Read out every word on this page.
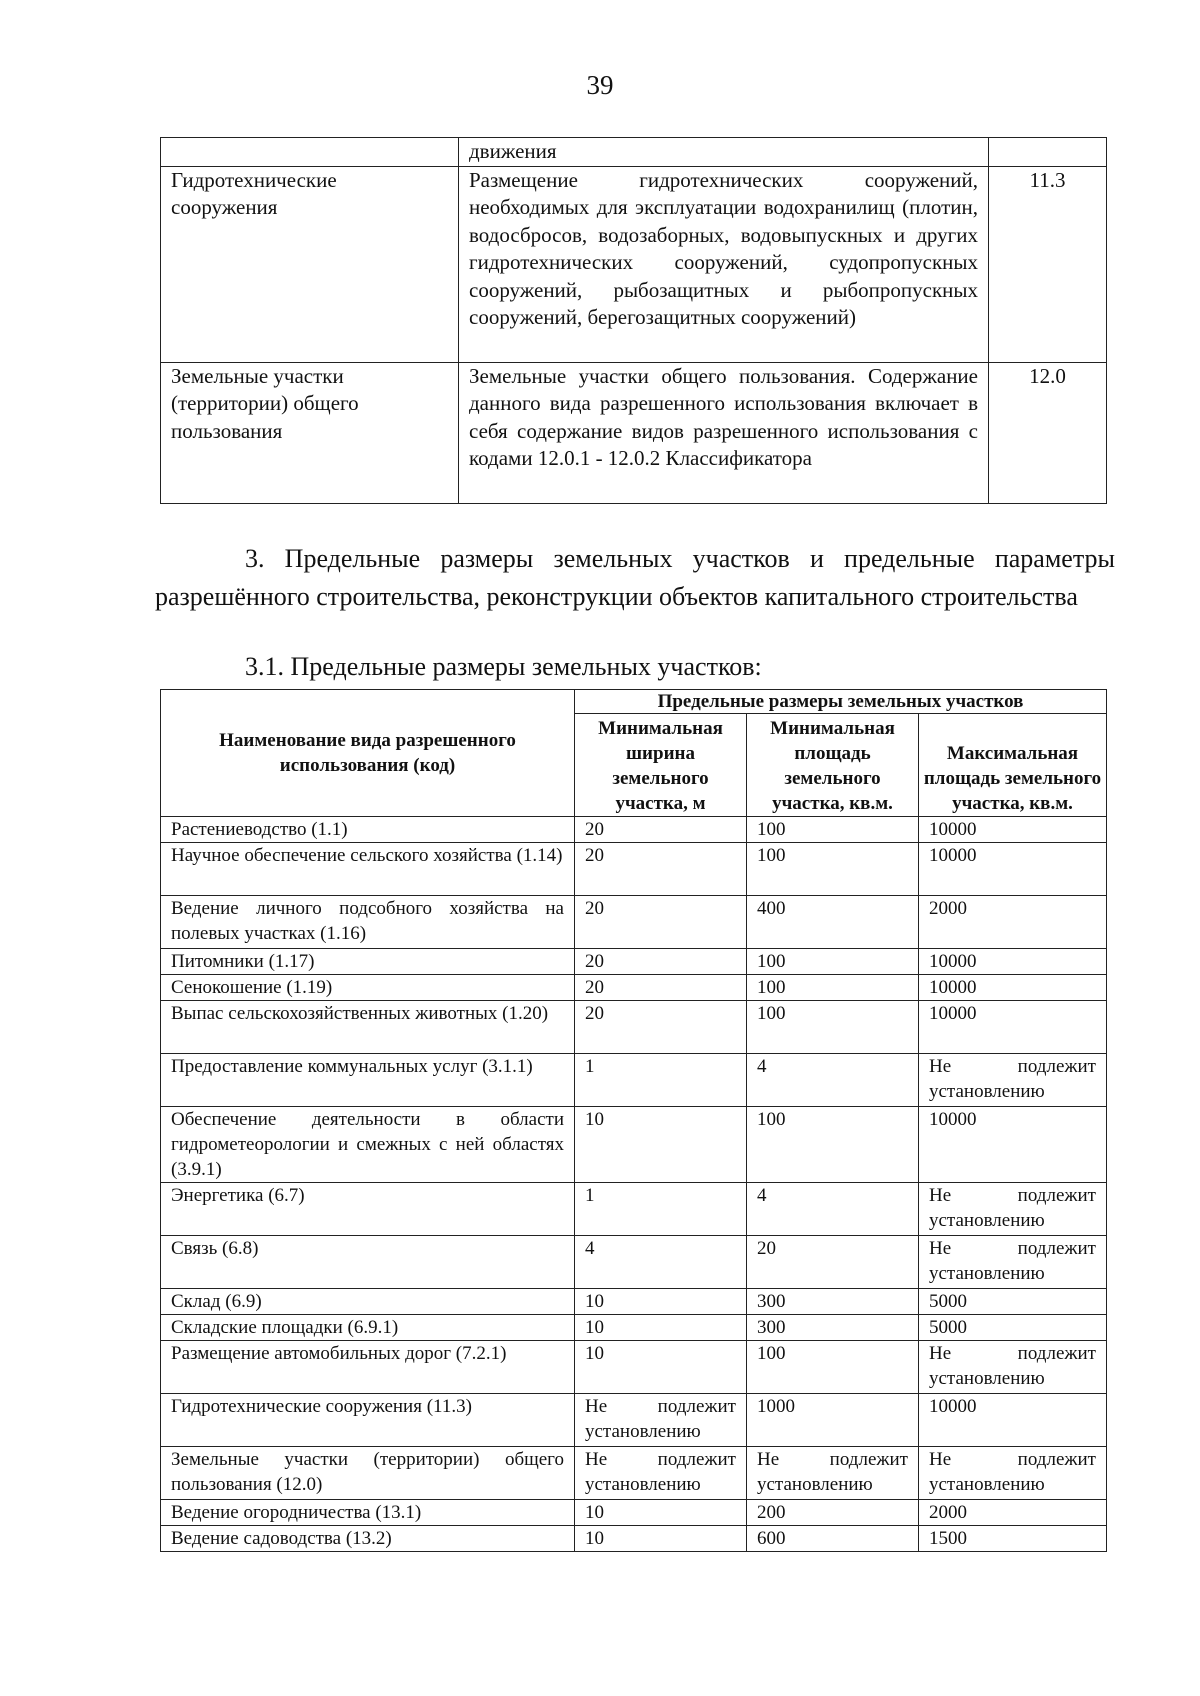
39
	движения	
Гидротехнические сооружения	Размещение гидротехнических сооружений, необходимых для эксплуатации водохранилищ (плотин, водосбросов, водозаборных, водовыпускных и других гидротехнических сооружений, судопропускных сооружений, рыбозащитных и рыбопропускных сооружений, берегозащитных сооружений)	11.3
Земельные участки (территории) общего пользования	Земельные участки общего пользования. Содержание данного вида разрешенного использования включает в себя содержание видов разрешенного использования с кодами 12.0.1 - 12.0.2 Классификатора	12.0
3. Предельные размеры земельных участков и предельные параметры разрешённого строительства, реконструкции объектов капитального строительства
3.1. Предельные размеры земельных участков:
Наименование вида разрешенного использования (код)	Предельные размеры земельных участков		
	Минимальная ширина земельного участка, м	Минимальная площадь земельного участка, кв.м.	Максимальная площадь земельного участка, кв.м.
Растениеводство (1.1)	20	100	10000
Научное обеспечение сельского хозяйства (1.14)	20	100	10000
Ведение личного подсобного хозяйства на полевых участках (1.16)	20	400	2000
Питомники (1.17)	20	100	10000
Сенокошение (1.19)	20	100	10000
Выпас сельскохозяйственных животных (1.20)	20	100	10000
Предоставление коммунальных услуг (3.1.1)	1	4	Не подлежит установлению
Обеспечение деятельности в области гидрометеорологии и смежных с ней областях (3.9.1)	10	100	10000
Энергетика (6.7)	1	4	Не подлежит установлению
Связь (6.8)	4	20	Не подлежит установлению
Склад (6.9)	10	300	5000
Складские площадки (6.9.1)	10	300	5000
Размещение автомобильных дорог (7.2.1)	10	100	Не подлежит установлению
Гидротехнические сооружения (11.3)	Не подлежит установлению	1000	10000
Земельные участки (территории) общего пользования (12.0)	Не подлежит установлению	Не подлежит установлению	Не подлежит установлению
Ведение огородничества (13.1)	10	200	2000
Ведение садоводства (13.2)	10	600	1500
